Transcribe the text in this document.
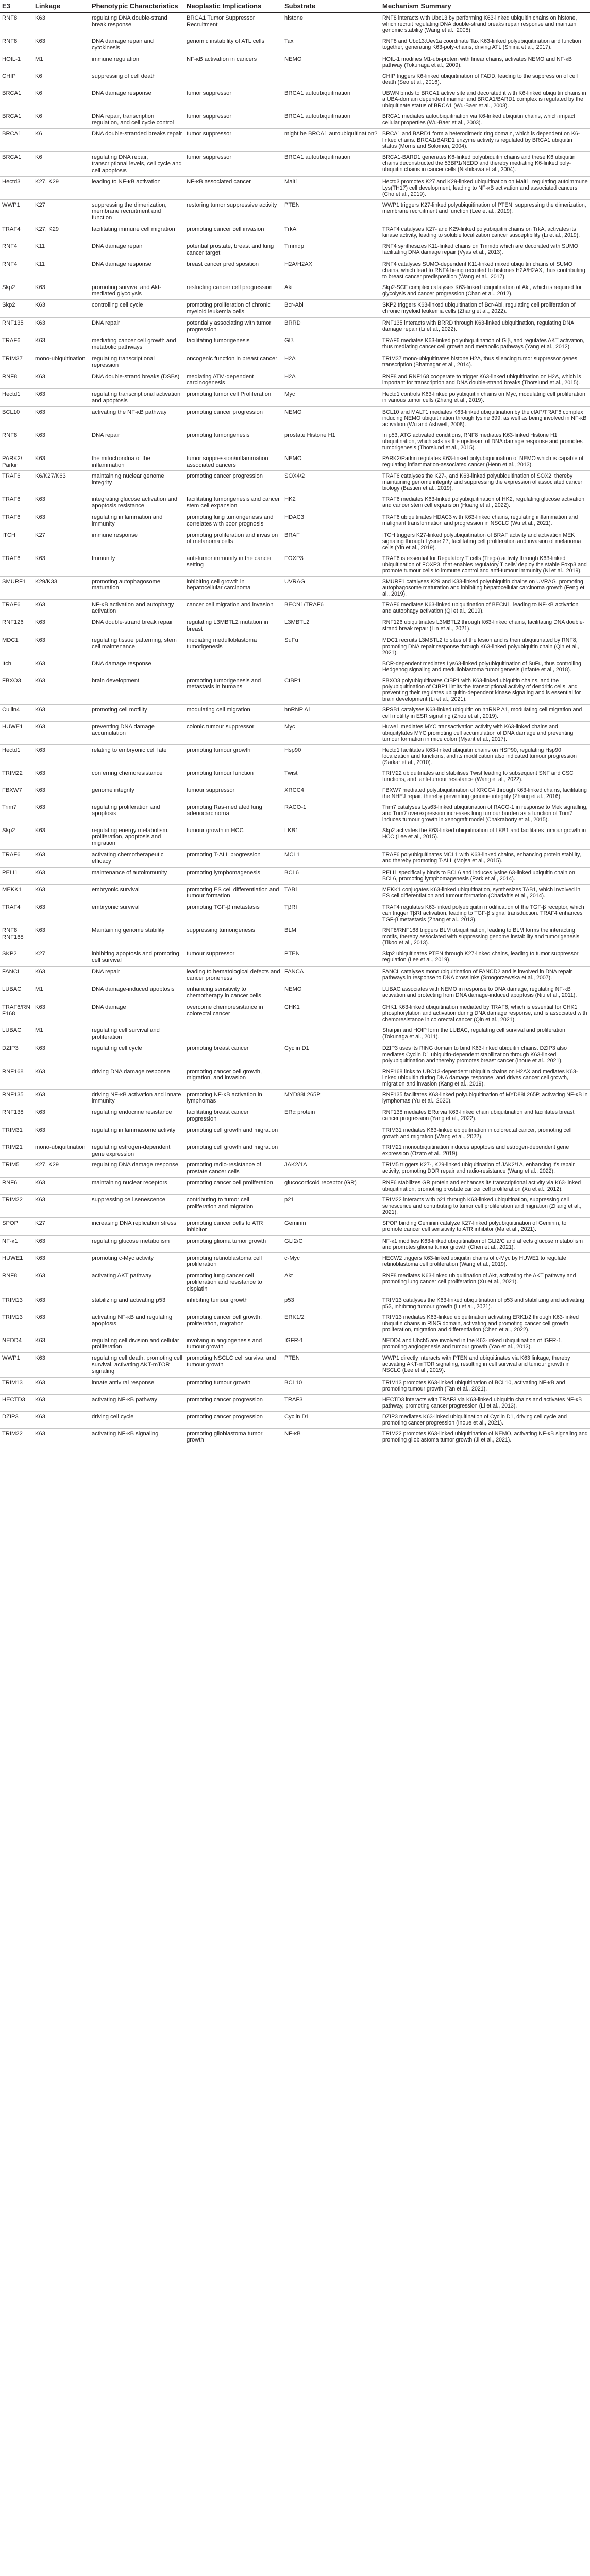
E3	Linkage	Phenotypic Characteristics	Neoplastic Implications	Substrate	Mechanism Summary
RNF8	K63	regulating DNA double-strand break response	BRCA1 Tumor Suppressor Recruitment	histone	RNF8 interacts with Ubc13 by performing K63-linked ubiquitin chains on histone, which recruit regulating DNA double-strand breaks repair response and maintain genomic stability (Wang et al., 2008).
RNF8	K63	DNA damage repair and cytokinesis	genomic instability of ATL cells	Tax	RNF8 and Ubc13:Uev1a coordinate Tax K63-linked polyubiquitination and function together, generating K63-poly-chains, driving ATL (Shiina et al., 2017).
HOIL-1	M1	immune regulation	NF-κB activation in cancers	NEMO	HOIL-1 modifies M1-ubi-protein with linear chains, activates NEMO and NF-κB pathway (Tokunaga et al., 2009).
CHIP	K6	suppressing of cell death			CHIP triggers K6-linked ubiquitination of FADD, leading to the suppression of cell death (Seo et al., 2016).
BRCA1	K6	DNA damage response	tumor suppressor	BRCA1 autoubiquitination	UBWN binds to BRCA1 active site and decorated it with K6-linked ubiquitin chains in a UBA-domain dependent manner and BRCA1/BARD1 complex is regulated by the ubiquitinate status of BRCA1 (Wu-Baer et al., 2003).
BRCA1	K6	DNA repair, transcription regulation, and cell cycle control	tumor suppressor	BRCA1 autoubiquitination	BRCA1 mediates autoubiquitination via K6-linked ubiquitin chains, which impact cellular properties (Wu-Baer et al., 2003).
BRCA1	K6	DNA double-stranded breaks repair	tumor suppressor	might be BRCA1 autoubiquitination?	BRCA1 and BARD1 form a heterodimeric ring domain, which is dependent on K6-linked chains. BRCA1/BARD1 enzyme activity is regulated by BRCA1 ubiquitin status (Morris and Solomon, 2004).
BRCA1	K6	regulating DNA repair, transcriptional levels, cell cycle and cell apoptosis	tumor suppressor	BRCA1 autoubiquitination	BRCA1-BARD1 generates K6-linked polyubiquitin chains and these K6 ubiquitin chains deconstructed the 53BP1/NEDD and thereby mediating K6-linked poly-ubiquitin chains in cancer cells (Nishikawa et al., 2004).
Hectd3	K27, K29	leading to NF-κB activation	NF-κB associated cancer	Malt1	Hectd3 promotes K27 and K29-linked ubiquitination on Malt1, regulating autoimmune Lys(TH17) cell development, leading to NF-κB activation and associated cancers (Cho et al., 2019).
WWP1	K27	suppressing the dimerization, membrane recruitment and function	restoring tumor suppressive activity	PTEN	WWP1 triggers K27-linked polyubiquitination of PTEN, suppressing the dimerization, membrane recruitment and function (Lee et al., 2019).
TRAF4	K27, K29	facilitating immune cell migration	promoting cancer cell invasion	TrkA	TRAF4 catalyses K27- and K29-linked polyubiquitin chains on TrkA, activates its kinase activity, leading to soluble localization cancer susceptibility (Li et al., 2019).
RNF4	K11	DNA damage repair	potential prostate, breast and lung cancer target	Tmmdp	RNF4 synthesizes K11-linked chains on Tmmdp which are decorated with SUMO, facilitating DNA damage repair (Vyas et al., 2013).
RNF4	K11	DNA damage response	breast cancer predisposition	H2A/H2AX	RNF4 catalyses SUMO-dependent K11-linked mixed ubiquitin chains of SUMO chains, which lead to RNF4 being recruited to histones H2A/H2AX, thus contributing to breast cancer predisposition (Wang et al., 2017).
Skp2	K63	promoting survival and Akt-mediated glycolysis	restricting cancer cell progression	Akt	Skp2-SCF complex catalyses K63-linked ubiquitination of Akt, which is required for glycolysis and cancer progression (Chan et al., 2012).
Skp2	K63	controlling cell cycle	promoting proliferation of chronic myeloid leukemia cells	Bcr-Abl	SKP2 triggers K63-linked ubiquitination of Bcr-Abl, regulating cell proliferation of chronic myeloid leukemia cells (Zhang et al., 2022).
RNF135	K63	DNA repair	potentially associating with tumor progression	BRRD	RNF135 interacts with BRRD through K63-linked ubiquitination, regulating DNA damage repair (Li et al., 2022).
TRAF6	K63	mediating cancer cell growth and metabolic pathways	facilitating tumorigenesis	Glβ	TRAF6 mediates K63-linked polyubiquitination of Glβ, and regulates AKT activation, thus mediating cancer cell growth and metabolic pathways (Yang et al., 2012).
TRIM37	mono-ubiquitination	regulating transcriptional repression	oncogenic function in breast cancer	H2A	TRIM37 mono-ubiquitinates histone H2A, thus silencing tumor suppressor genes transcription (Bhatnagar et al., 2014).
RNF8	K63	DNA double-strand breaks (DSBs)	mediating ATM-dependent carcinogenesis	H2A	RNF8 and RNF168 cooperate to trigger K63-linked ubiquitination on H2A, which is important for transcription and DNA double-strand breaks (Thorslund et al., 2015).
Hectd1	K63	regulating transcriptional activation and apoptosis	promoting tumor cell Proliferation	Myc	Hectd1 controls K63-linked polyubiquitin chains on Myc, modulating cell proliferation in various tumor cells (Zhang et al., 2019).
BCL10	K63	activating the NF-κB pathway	promoting cancer progression	NEMO	BCL10 and MALT1 mediates K63-linked ubiquitination by the cIAP/TRAF6 complex inducing NEMO ubiquitination through lysine 399, as well as being involved in NF-κB activation (Wu and Ashwell, 2008).
RNF8	K63	DNA repair	promoting tumorigenesis	prostate Histone H1	In p53, ATG activated conditions, RNF8 mediates K63-linked Histone H1 ubiquitination, which acts as the upstream of DNA damage response and promotes tumorigenesis (Thorslund et al., 2015).
PARK2/ Parkin	K63	the mitochondria of the inflammation	tumor suppression/inflammation associated cancers	NEMO	PARK2/Parkin regulates K63-linked polyubiquitination of NEMO which is capable of regulating inflammation-associated cancer (Henn et al., 2013).
TRAF6	K6/K27/K63	maintaining nuclear genome integrity	promoting cancer progression	SOX4/2	TRAF6 catalyses the K27-, and K63-linked polyubiquitination of SOX2, thereby maintaining genome integrity and suppressing the expression of associated cancer biology (Bastien et al., 2019).
TRAF6	K63	integrating glucose activation and apoptosis resistance	facilitating tumorigenesis and cancer stem cell expansion	HK2	TRAF6 mediates K63-linked polyubiquitination of HK2, regulating glucose activation and cancer stem cell expansion (Huang et al., 2022).
TRAF6	K63	regulating inflammation and immunity	promoting lung tumorigenesis and correlates with poor prognosis	HDAC3	TRAF6 ubiquitinates HDAC3 with K63-linked chains, regulating inflammation and malignant transformation and progression in NSCLC (Wu et al., 2021).
ITCH	K27	immune response	promoting proliferation and invasion of melanoma cells	BRAF	ITCH triggers K27-linked polyubiquitination of BRAF activity and activation MEK signaling through Lysine 27, facilitating cell proliferation and invasion of melanoma cells (Yin et al., 2019).
TRAF6	K63	Immunity	anti-tumor immunity in the cancer setting	FOXP3	TRAF6 is essential for Regulatory T cells (Tregs) activity through K63-linked ubiquitination of FOXP3, that enables regulatory T cells' deploy the stable Foxp3 and promote tumour cells to immune control and anti-tumour immunity (Ni et al., 2019).
SMURF1	K29/K33	promoting autophagosome maturation	inhibiting cell growth in hepatocellular carcinoma	UVRAG	SMURF1 catalyses K29 and K33-linked polyubiquitin chains on UVRAG, promoting autophagosome maturation and inhibiting hepatocellular carcinoma growth (Feng et al., 2019).
TRAF6	K63	NF-κB activation and autophagy activation	cancer cell migration and invasion	BECN1/TRAF6	TRAF6 mediates K63-linked ubiquitination of BECN1, leading to NF-κB activation and autophagy activation (Qi et al., 2019).
RNF126	K63	DNA double-strand break repair	regulating L3MBTL2 mutation in breast	L3MBTL2	RNF126 ubiquitinates L3MBTL2 through K63-linked chains, facilitating DNA double-strand break repair (Lin et al., 2021).
MDC1	K63	regulating tissue patterning, stem cell maintenance	mediating medulloblastoma tumorigenesis	SuFu	MDC1 recruits L3MBTL2 to sites of the lesion and is then ubiquitinated by RNF8, promoting DNA repair response through K63-linked polyubiquitin chain (Qin et al., 2021).
Itch	K63	DNA damage response			BCR-dependent mediates Lys63-linked polyubiquitination of SuFu, thus controlling Hedgehog signaling and medulloblastoma tumorigenesis (Infante et al., 2018).
FBXO3	K63	brain development	promoting tumorigenesis and metastasis in humans	CtBP1	FBXO3 polyubiquitinates CtBP1 with K63-linked ubiquitin chains, and the polyubiquitination of CtBP1 limits the transcriptional activity of dendritic cells, and preventing their regulates ubiquitin-dependent kinase signaling and is essential for brain development (Li et al., 2021).
Cullin4	K63	promoting cell motility	modulating cell migration	hnRNP A1	SPSB1 catalyses K63-linked ubiquitin on hnRNP A1, modulating cell migration and cell motility in ESR signaling (Zhou et al., 2019).
HUWE1	K63	preventing DNA damage accumulation	colonic tumour suppressor	Myc	Huwe1 mediates MYC transactivation activity with K63-linked chains and ubiquitylates MYC promoting cell accumulation of DNA damage and preventing tumour formation in mice colon (Myant et al., 2017).
Hectd1	K63	relating to embryonic cell fate	promoting tumour growth	Hsp90	Hectd1 facilitates K63-linked ubiquitin chains on HSP90, regulating Hsp90 localization and functions, and its modification also indicated tumour progression (Sarkar et al., 2010).
TRIM22	K63	conferring chemoresistance	promoting tumour function	Twist	TRIM22 ubiquitinates and stabilises Twist leading to subsequent SNF and CSC functions, and, anti-tumour resistance (Wang et al., 2022).
FBXW7	K63	genome integrity	tumour suppressor	XRCC4	FBXW7 mediated polyubiquitination of XRCC4 through K63-linked chains, facilitating the NHEJ repair, thereby preventing genome integrity (Zhang et al., 2016).
Trim7	K63	regulating proliferation and apoptosis	promoting Ras-mediated lung adenocarcinoma	RACO-1	Trim7 catalyses Lys63-linked ubiquitination of RACO-1 in response to Mek signalling, and Trim7 overexpression increases lung tumour burden as a function of Trim7 induces tumour growth in xenograft model (Chakraborty et al., 2015).
Skp2	K63	regulating energy metabolism, proliferation, apoptosis and migration	tumour growth in HCC	LKB1	Skp2 activates the K63-linked ubiquitination of LKB1 and facilitates tumour growth in HCC (Lee et al., 2015).
TRAF6	K63	activating chemotherapeutic efficacy	promoting T-ALL progression	MCL1	TRAF6 polyubiquitinates MCL1 with K63-linked chains, enhancing protein stability, and thereby promoting T-ALL (Mojsa et al., 2015).
PELI1	K63	maintenance of autoimmunity	promoting lymphomagenesis	BCL6	PELI1 specifically binds to BCL6 and induces lysine 63-linked ubiquitin chain on BCL6, promoting lymphomagenesis (Park et al., 2014).
MEKK1	K63	embryonic survival	promoting ES cell differentiation and tumour formation	TAB1	MEKK1 conjugates K63-linked ubiquitination, synthesizes TAB1, which involved in ES cell differentiation and tumour formation (Charlaftis et al., 2014).
TRAF4	K63	embryonic survival	promoting TGF-β metastasis	TβRI	TRAF4 regulates K63-linked polyubiquitin modification of the TGF-β receptor, which can trigger TβRI activation, leading to TGF-β signal transduction. TRAF4 enhances TGF-β metastasis (Zhang et al., 2013).
RNF8 RNF168	K63	Maintaining genome stability	suppressing tumorigenesis	BLM	RNF8/RNF168 triggers BLM ubiquitination, leading to BLM forms the interacting motifs, thereby associated with suppressing genome instability and tumorigenesis (Tikoo et al., 2013).
SKP2	K27	inhibiting apoptosis and promoting cell survival	tumour suppressor	PTEN	Skp2 ubiquitinates PTEN through K27-linked chains, leading to tumor suppressor regulation (Lee et al., 2019).
FANCL	K63	DNA repair	leading to hematological defects and cancer proneness	FANCA	FANCL catalyses monoubiquitination of FANCD2 and is involved in DNA repair pathways in response to DNA crosslinks (Smogorzewska et al., 2007).
LUBAC	M1	DNA damage-induced apoptosis	enhancing sensitivity to chemotherapy in cancer cells	NEMO	LUBAC associates with NEMO in response to DNA damage, regulating NF-κB activation and protecting from DNA damage-induced apoptosis (Niu et al., 2011).
TRAF6/RNF168	K63	DNA damage	overcome chemoresistance in colorectal cancer	CHK1	CHK1 K63-linked ubiquitination mediated by TRAF6, which is essential for CHK1 phosphorylation and activation during DNA damage response, and is associated with chemoresistance in colorectal cancer (Qin et al., 2021).
LUBAC	M1	regulating cell survival and proliferation			Sharpin and HOIP form the LUBAC, regulating cell survival and proliferation (Tokunaga et al., 2011).
DZIP3	K63	regulating cell cycle	promoting breast cancer	Cyclin D1	DZIP3 uses its RING domain to bind K63-linked ubiquitin chains. DZIP3 also mediates Cyclin D1 ubiquitin-dependent stabilization through K63-linked polyubiquitination and thereby promotes breast cancer (Inoue et al., 2021).
RNF168	K63	driving DNA damage response	promoting cancer cell growth, migration, and invasion		RNF168 links to UBC13-dependent ubiquitin chains on H2AX and mediates K63-linked ubiquitin during DNA damage response, and drives cancer cell growth, migration and invasion (Kang et al., 2019).
RNF135	K63	driving NF-κB activation and innate immunity	promoting NF-κB activation in lymphomas	MYD88L265P	RNF135 facilitates K63-linked polyubiquitination of MYD88L265P, activating NF-κB in lymphomas (Yu et al., 2020).
RNF138	K63	regulating endocrine resistance	facilitating breast cancer progression	ERα protein	RNF138 mediates ERα via K63-linked chain ubiquitination and facilitates breast cancer progression (Yang et al., 2022).
TRIM31	K63	regulating inflammasome activity	promoting cell growth and migration		TRIM31 mediates K63-linked ubiquitination in colorectal cancer, promoting cell growth and migration (Wang et al., 2022).
TRIM21	mono-ubiquitination	regulating estrogen-dependent gene expression	promoting cell growth and migration		TRIM21 monoubiquitination induces apoptosis and estrogen-dependent gene expression (Ozato et al., 2019).
TRIM5	K27, K29	regulating DNA damage response	promoting radio-resistance of prostate cancer cells	JAK2/1A	TRIM5 triggers K27-, K29-linked ubiquitination of JAK2/1A, enhancing it's repair activity, promoting DDR repair and radio-resistance (Wang et al., 2022).
RNF6	K63	maintaining nuclear receptors	promoting cancer cell proliferation	glucocorticoid receptor (GR)	RNF6 stabilizes GR protein and enhances its transcriptional activity via K63-linked ubiquitination, promoting prostate cancer cell proliferation (Xu et al., 2012).
TRIM22	K63	suppressing cell senescence	contributing to tumor cell proliferation and migration	p21	TRIM22 interacts with p21 through K63-linked ubiquitination, suppressing cell senescence and contributing to tumor cell proliferation and migration (Zhang et al., 2021).
SPOP	K27	increasing DNA replication stress	promoting cancer cells to ATR inhibitor	Geminin	SPOP binding Geminin catalyze K27-linked polyubiquitination of Geminin, to promote cancer cell sensitivity to ATR inhibitor (Ma et al., 2021).
NF-κ1	K63	regulating glucose metabolism	promoting glioma tumor growth	GLI2/C	NF-κ1 modifies K63-linked ubiquitination of GLI2/C and affects glucose metabolism and promotes glioma tumor growth (Chen et al., 2021).
HUWE1	K63	promoting c-Myc activity	promoting retinoblastoma cell proliferation	c-Myc	HECW2 triggers K63-linked ubiquitin chains of c-Myc by HUWE1 to regulate retinoblastoma cell proliferation (Wang et al., 2019).
RNF8	K63	activating AKT pathway	promoting lung cancer cell proliferation and resistance to cisplatin	Akt	RNF8 mediates K63-linked ubiquitination of Akt, activating the AKT pathway and promoting lung cancer cell proliferation (Xu et al., 2021).
TRIM13	K63	stabilizing and activating p53	inhibiting tumour growth	p53	TRIM13 catalyses the K63-linked ubiquitination of p53 and stabilizing and activating p53, inhibiting tumour growth (Li et al., 2021).
TRIM13	K63	activating NF-κB and regulating apoptosis	promoting cancer cell growth, proliferation, migration	ERK1/2	TRIM13 mediates K63-linked ubiquitination activating ERK1/2 through K63-linked ubiquitin chains in RING domain, activating and promoting cancer cell growth, proliferation, migration and differentiation (Chen et al., 2022).
NEDD4	K63	regulating cell division and cellular proliferation	involving in angiogenesis and tumour growth	IGFR-1	NEDD4 and Ubch5 are involved in the K63-linked ubiquitination of IGFR-1, promoting angiogenesis and tumour growth (Yao et al., 2013).
WWP1	K63	regulating cell death, promoting cell survival, activating AKT-mTOR signaling	promoting NSCLC cell survival and tumour growth	PTEN	WWP1 directly interacts with PTEN and ubiquitinates via K63 linkage, thereby activating AKT-mTOR signaling, resulting in cell survival and tumour growth in NSCLC (Lee et al., 2019).
TRIM13	K63	innate antiviral response	promoting tumour growth	BCL10	TRIM13 promotes K63-linked ubiquitination of BCL10, activating NF-κB and promoting tumour growth (Tan et al., 2021).
HECTD3	K63	activating NF-κB pathway	promoting cancer progression	TRAF3	HECTD3 interacts with TRAF3 via K63-linked ubiquitin chains and activates NF-κB pathway, promoting cancer progression (Li et al., 2013).
DZIP3	K63	driving cell cycle	promoting cancer progression	Cyclin D1	DZIP3 mediates K63-linked ubiquitination of Cyclin D1, driving cell cycle and promoting cancer progression (Inoue et al., 2021).
TRIM22	K63	activating NF-κB signaling	promoting glioblastoma tumor growth	NF-κB	TRIM22 promotes K63-linked ubiquitination of NEMO, activating NF-κB signaling and promoting glioblastoma tumor growth (Ji et al., 2021).
